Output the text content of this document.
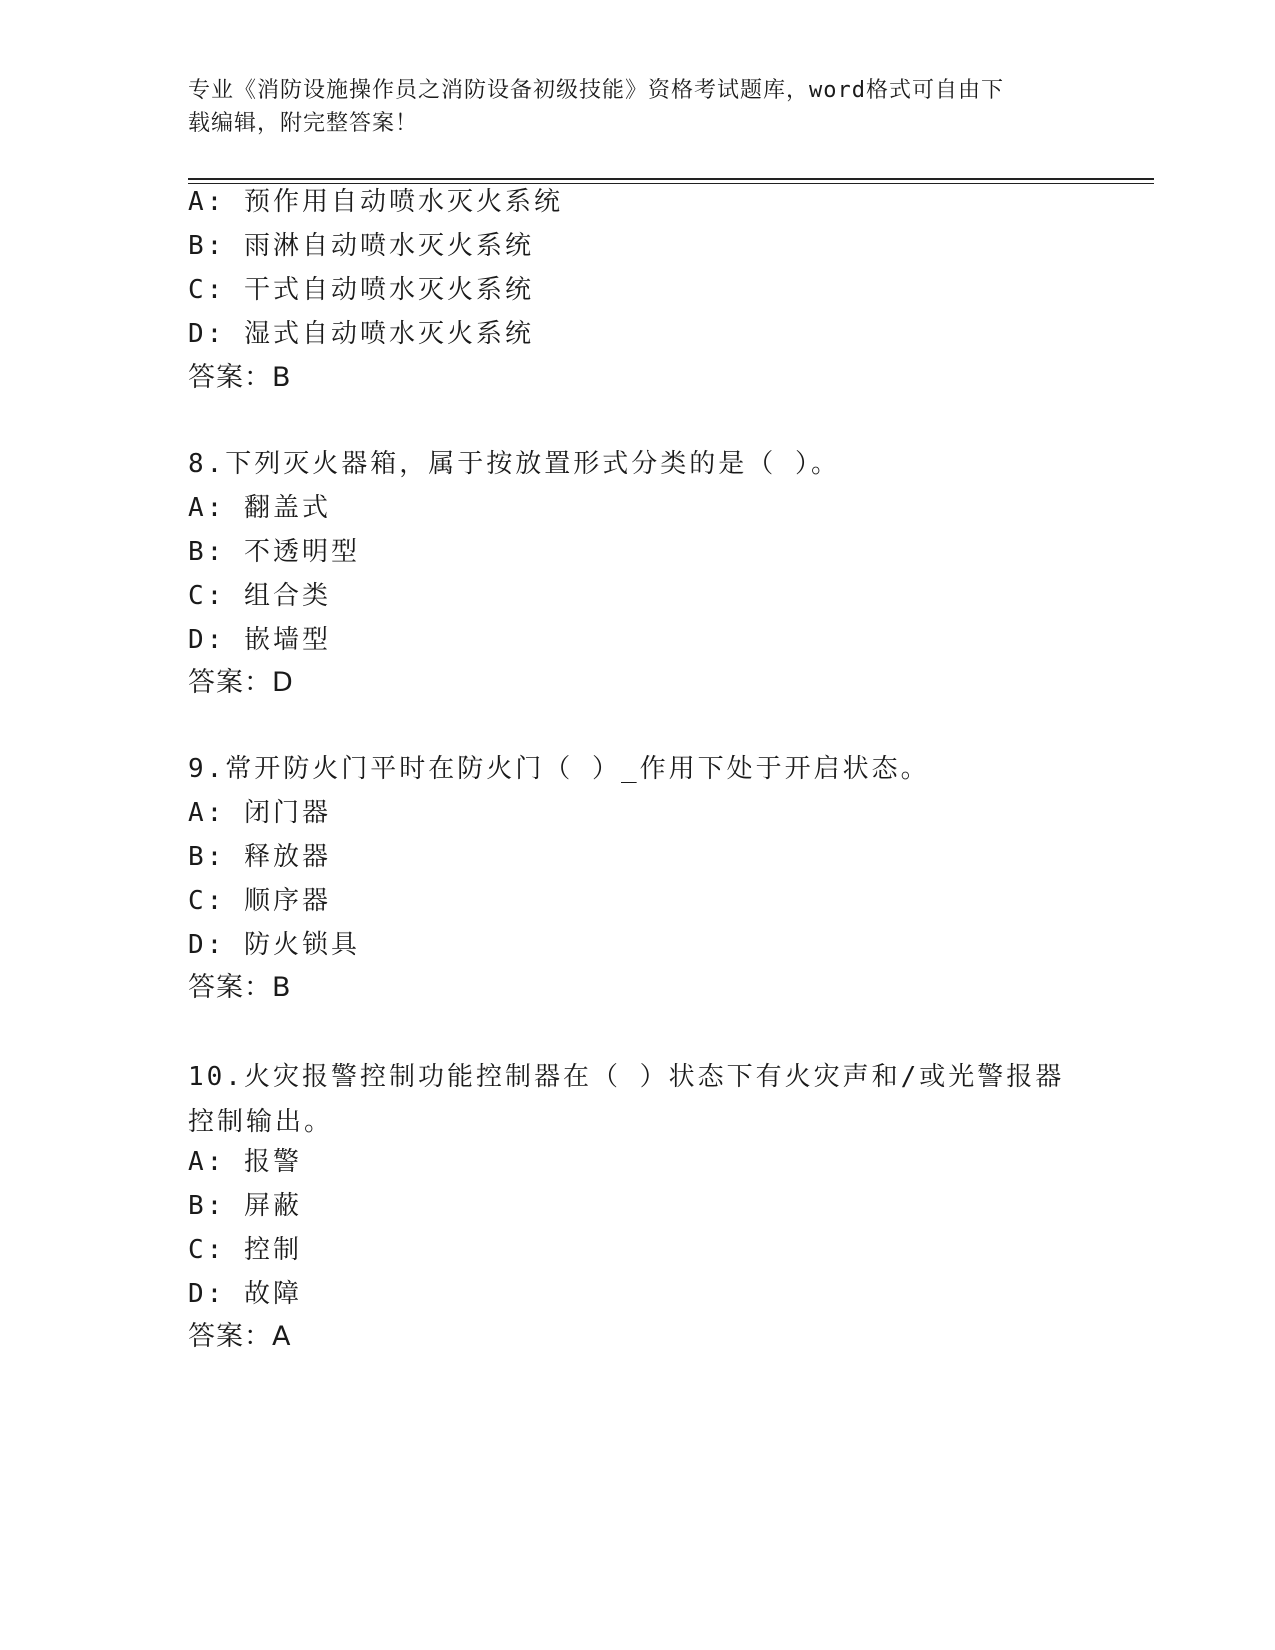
专业《消防设施操作员之消防设备初级技能》资格考试题库，word格式可自由下
载编辑，附完整答案！
A: 预作用自动喷水灭火系统
B: 雨淋自动喷水灭火系统
C: 干式自动喷水灭火系统
D: 湿式自动喷水灭火系统
答案：B
8.下列灭火器箱，属于按放置形式分类的是（ ）。
A: 翻盖式
B: 不透明型
C: 组合类
D: 嵌墙型
答案：D
9.常开防火门平时在防火门（ ）_作用下处于开启状态。
A: 闭门器
B: 释放器
C: 顺序器
D: 防火锁具
答案：B
10.火灾报警控制功能控制器在（ ）状态下有火灾声和/或光警报器控制输出。
A: 报警
B: 屏蔽
C: 控制
D: 故障
答案：A
